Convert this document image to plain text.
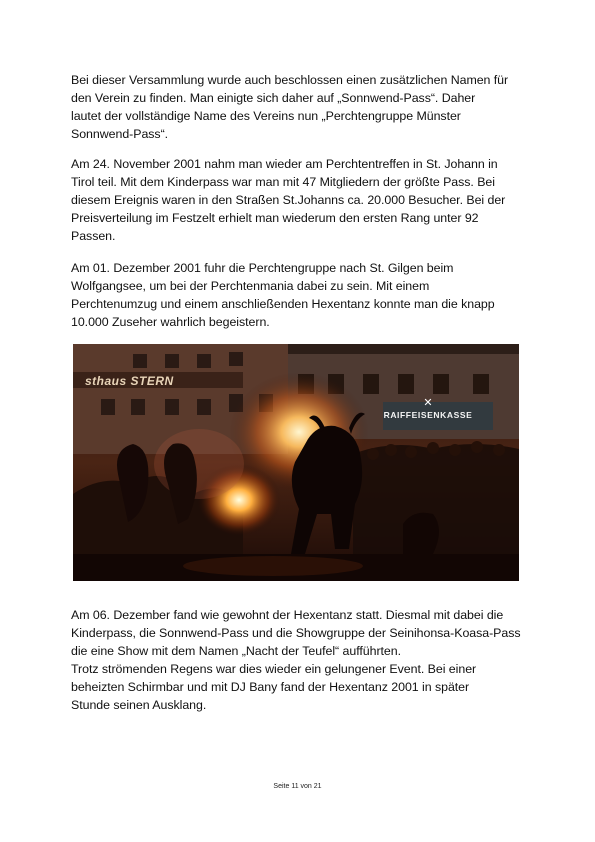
Bei dieser Versammlung wurde auch beschlossen einen zusätzlichen Namen für
den Verein zu finden. Man einigte sich daher auf „Sonnwend-Pass“. Daher
lautet der vollständige Name des Vereins nun „Perchtengruppe Münster
Sonnwend-Pass“.

Am 24. November 2001 nahm man wieder am Perchtentreffen in St. Johann in
Tirol teil. Mit dem Kinderpass war man mit 47 Mitgliedern der größte Pass. Bei
diesem Ereignis waren in den Straßen St.Johanns ca. 20.000 Besucher. Bei der
Preisverteilung im Festzelt erhielt man wiederum den ersten Rang unter 92
Passen.

Am 01. Dezember 2001 fuhr die Perchtengruppe nach St. Gilgen beim
Wolfgangsee, um bei der Perchtenmania dabei zu sein. Mit einem
Perchtenumzug und einem anschließenden Hexentanz konnte man die knapp
10.000 Zuseher wahrlich begeistern.

sthaus STERN
✕
RAIFFEISENKASSE

Am 06. Dezember fand wie gewohnt der Hexentanz statt. Diesmal mit dabei die
Kinderpass, die Sonnwend-Pass und die Showgruppe der Seinihonsa-Koasa-Pass
die eine Show mit dem Namen „Nacht der Teufel“ aufführten.
Trotz strömenden Regens war dies wieder ein gelungener Event. Bei einer
beheizten Schirmbar und mit DJ Bany fand der Hexentanz 2001 in später
Stunde seinen Ausklang.

Seite 11 von 21
